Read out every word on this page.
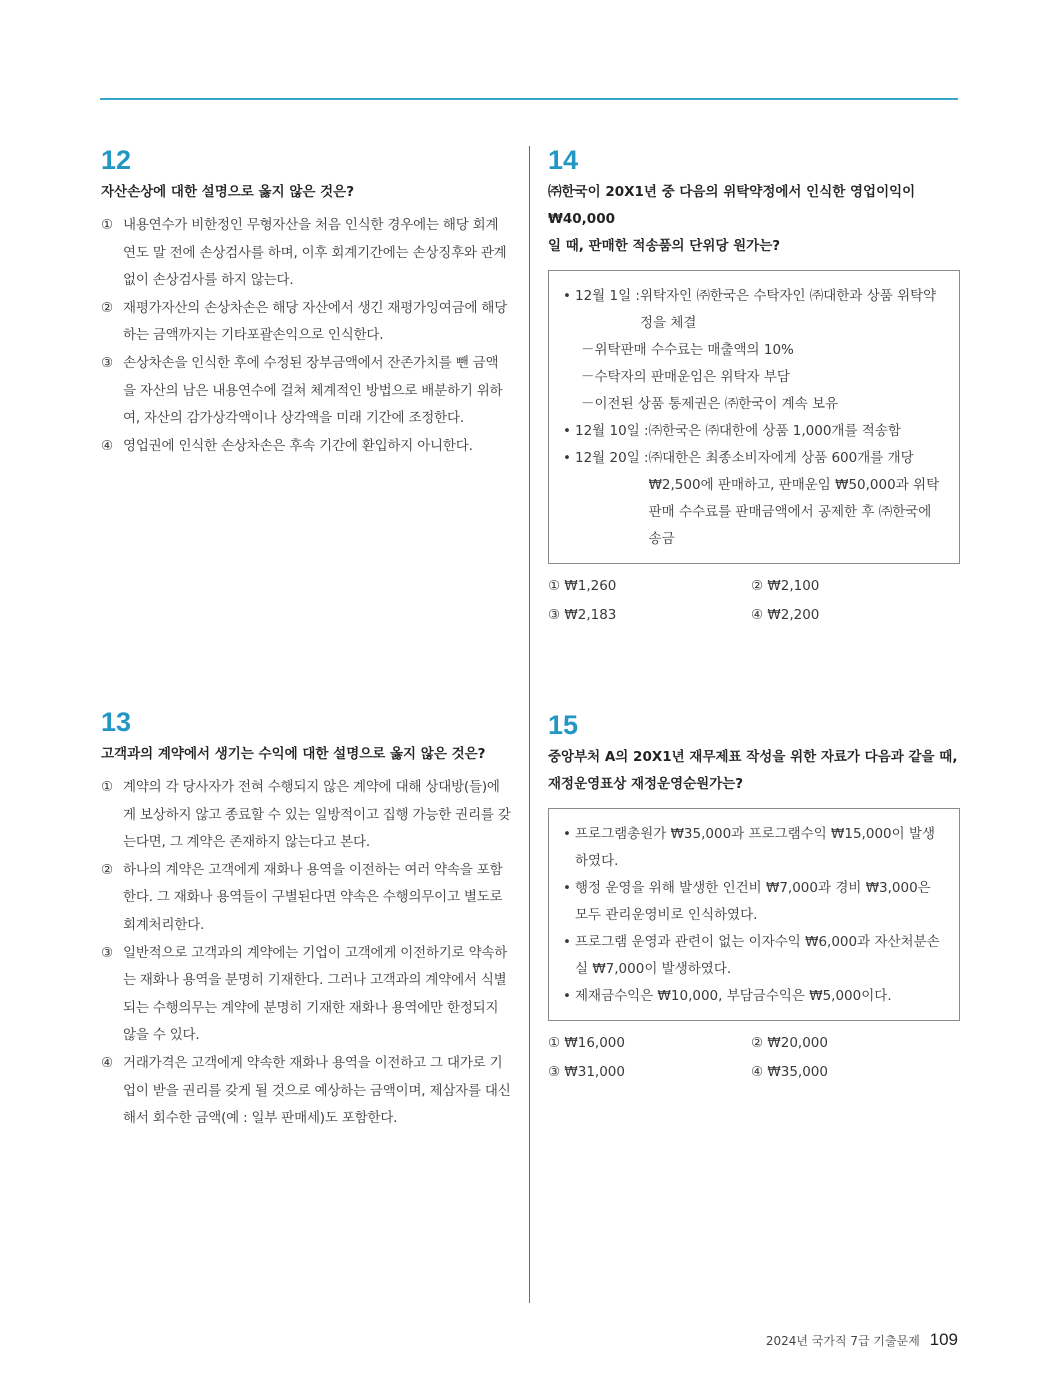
12
자산손상에 대한 설명으로 옳지 않은 것은?
① 내용연수가 비한정인 무형자산을 처음 인식한 경우에는 해당 회계연도 말 전에 손상검사를 하며, 이후 회계기간에는 손상징후와 관계없이 손상검사를 하지 않는다.
② 재평가자산의 손상차손은 해당 자산에서 생긴 재평가잉여금에 해당하는 금액까지는 기타포괄손익으로 인식한다.
③ 손상차손을 인식한 후에 수정된 장부금액에서 잔존가치를 뺀 금액을 자산의 남은 내용연수에 걸쳐 체계적인 방법으로 배분하기 위하여, 자산의 감가상각액이나 상각액을 미래 기간에 조정한다.
④ 영업권에 인식한 손상차손은 후속 기간에 환입하지 아니한다.
13
고객과의 계약에서 생기는 수익에 대한 설명으로 옳지 않은 것은?
① 계약의 각 당사자가 전혀 수행되지 않은 계약에 대해 상대방(들)에게 보상하지 않고 종료할 수 있는 일방적이고 집행 가능한 권리를 갖는다면, 그 계약은 존재하지 않는다고 본다.
② 하나의 계약은 고객에게 재화나 용역을 이전하는 여러 약속을 포함한다. 그 재화나 용역들이 구별된다면 약속은 수행의무이고 별도로 회계처리한다.
③ 일반적으로 고객과의 계약에는 기업이 고객에게 이전하기로 약속하는 재화나 용역을 분명히 기재한다. 그러나 고객과의 계약에서 식별되는 수행의무는 계약에 분명히 기재한 재화나 용역에만 한정되지 않을 수 있다.
④ 거래가격은 고객에게 약속한 재화나 용역을 이전하고 그 대가로 기업이 받을 권리를 갖게 될 것으로 예상하는 금액이며, 제삼자를 대신해서 회수한 금액(예 : 일부 판매세)도 포함한다.
14
㈜한국이 20X1년 중 다음의 위탁약정에서 인식한 영업이익이 ₩40,000
일 때, 판매한 적송품의 단위당 원가는?
• 12월 1일 : 위탁자인 ㈜한국은 수탁자인 ㈜대한과 상품 위탁약정을 체결
－위탁판매 수수료는 매출액의 10%
－수탁자의 판매운임은 위탁자 부담
－이전된 상품 통제권은 ㈜한국이 계속 보유
• 12월 10일 : ㈜한국은 ㈜대한에 상품 1,000개를 적송함
• 12월 20일 : ㈜대한은 최종소비자에게 상품 600개를 개당 ₩2,500에 판매하고, 판매운임 ₩50,000과 위탁판매 수수료를 판매금액에서 공제한 후 ㈜한국에 송금
① ₩1,260	② ₩2,100
③ ₩2,183	④ ₩2,200
15
중앙부처 A의 20X1년 재무제표 작성을 위한 자료가 다음과 같을 때,
재정운영표상 재정운영순원가는?
• 프로그램총원가 ₩35,000과 프로그램수익 ₩15,000이 발생하였다.
• 행정 운영을 위해 발생한 인건비 ₩7,000과 경비 ₩3,000은 모두 관리운영비로 인식하였다.
• 프로그램 운영과 관련이 없는 이자수익 ₩6,000과 자산처분손실 ₩7,000이 발생하였다.
• 제재금수익은 ₩10,000, 부담금수익은 ₩5,000이다.
① ₩16,000	② ₩20,000
③ ₩31,000	④ ₩35,000
2024년 국가직 7급 기출문제 109
